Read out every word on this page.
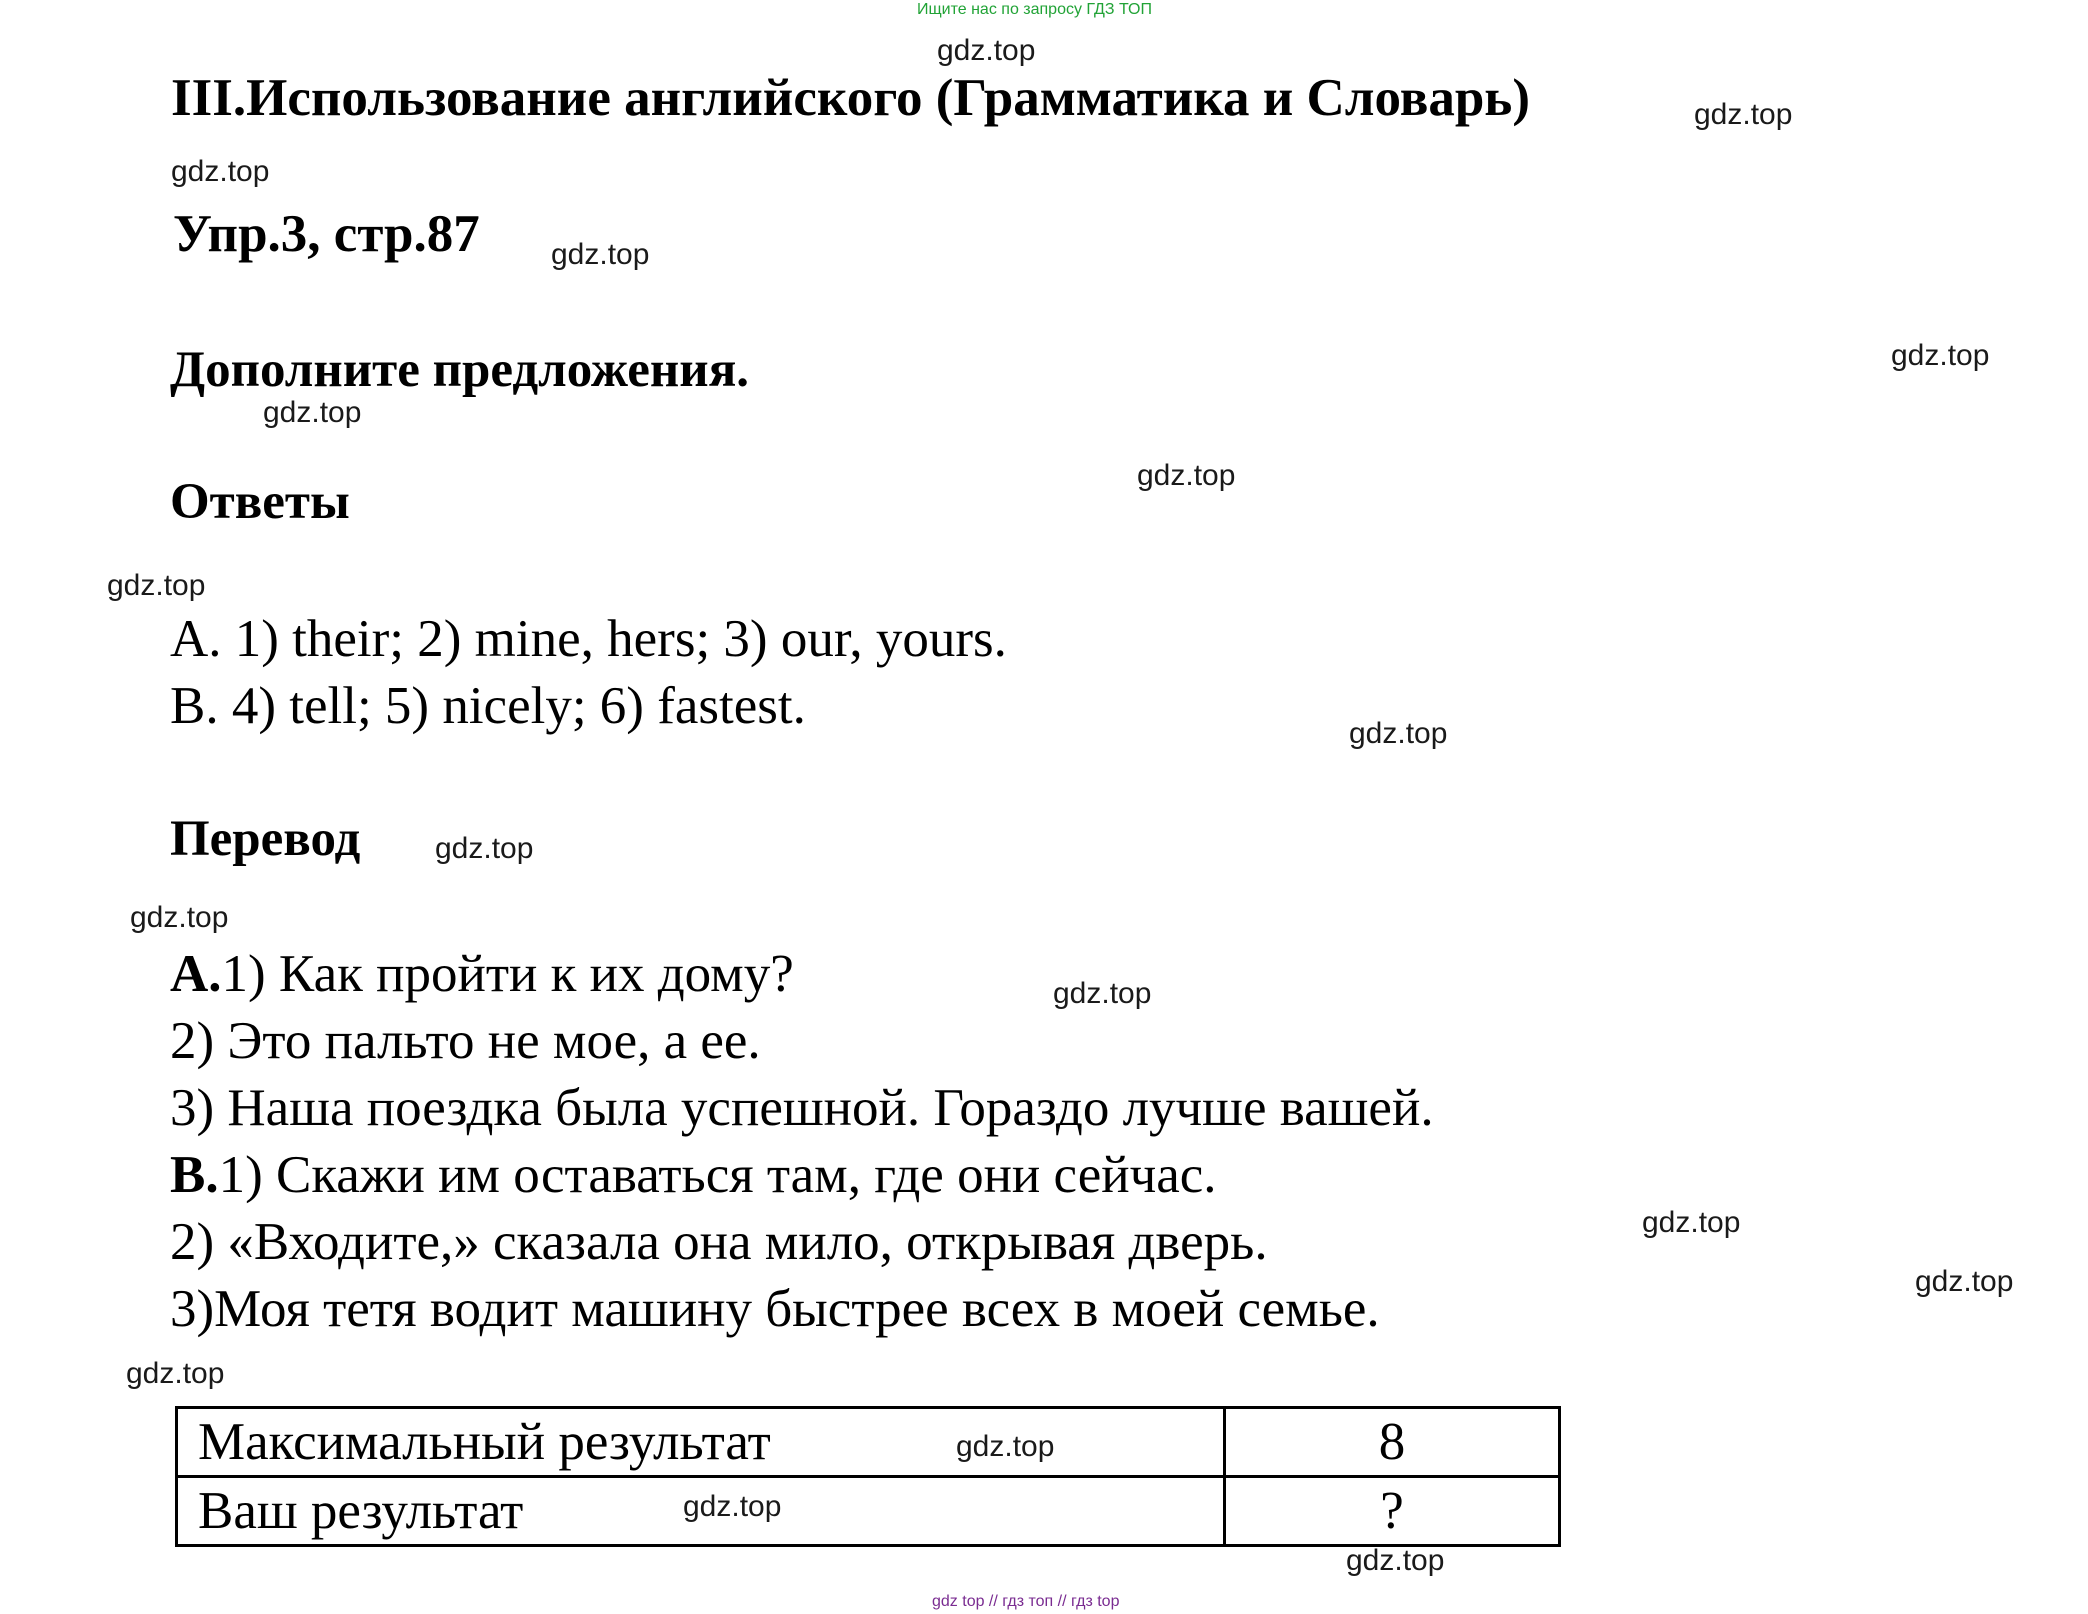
Ищите нас по запросу ГДЗ ТОП
III.Использование английского (Грамматика и Словарь)
Упр.3, стр.87
Дополните предложения.
Ответы
A. 1) their; 2) mine, hers; 3) our, yours.
B. 4) tell; 5) nicely; 6) fastest.
Перевод
А.1) Как пройти к их дому?
2) Это пальто не мое, а ее.
3) Наша поездка была успешной. Гораздо лучше вашей.
В.1) Скажи им оставаться там, где они сейчас.
2) «Входите,» сказала она мило, открывая дверь.
3)Моя тетя водит машину быстрее всех в моей семье.
Максимальный результат	8
Ваш результат	?
gdz.top
gdz.top
gdz.top
gdz.top
gdz.top
gdz.top
gdz.top
gdz.top
gdz.top
gdz.top
gdz.top
gdz.top
gdz.top
gdz.top
gdz.top
gdz.top
gdz.top
gdz.top
gdz top // гдз топ // гдз top
